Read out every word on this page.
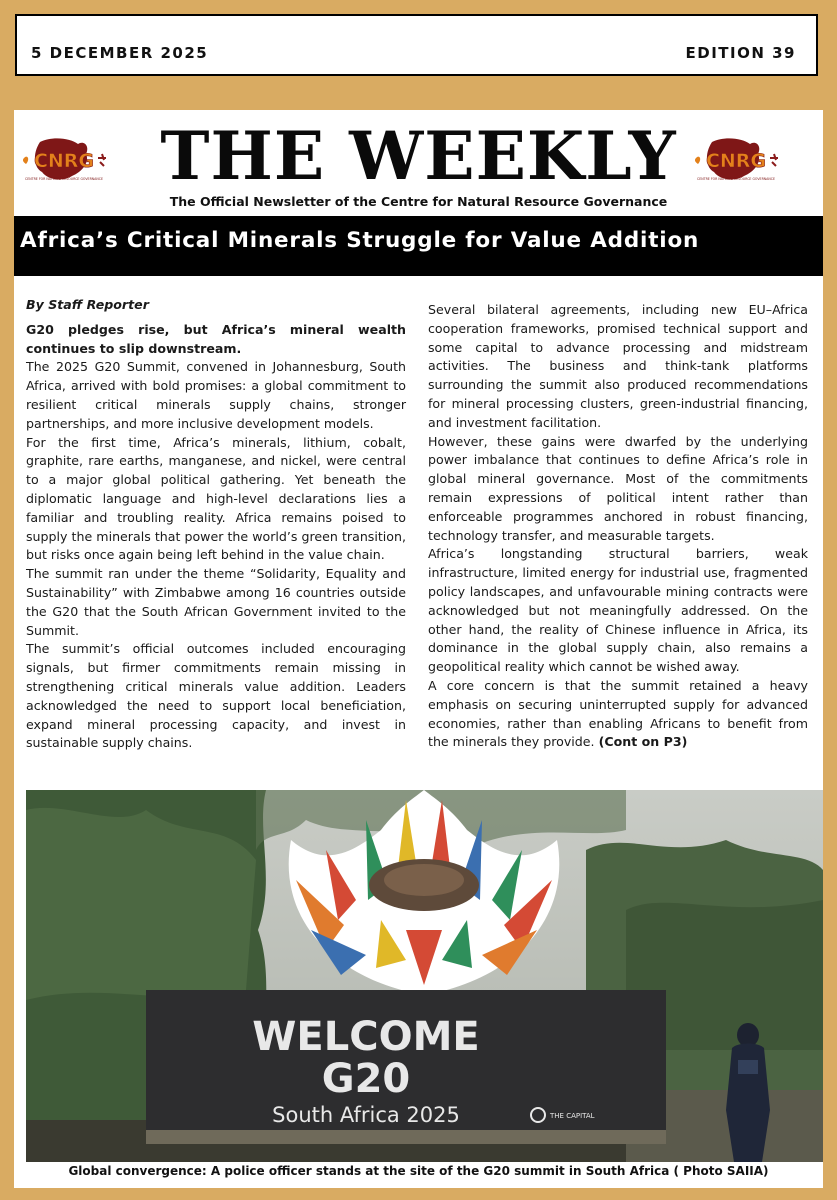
5 DECEMBER 2025	EDITION 39
CNRG
CENTRE FOR NATURAL RESOURCE GOVERNANCE
CNRG
CENTRE FOR NATURAL RESOURCE GOVERNANCE
THE WEEKLY
The Official Newsletter of the Centre for Natural Resource Governance
Africa’s Critical Minerals Struggle for Value Addition

By Staff Reporter

G20 pledges rise, but Africa’s mineral wealth continues to slip downstream.

The 2025 G20 Summit, convened in Johannesburg, South Africa, arrived with bold promises: a global commitment to resilient critical minerals supply chains, stronger partnerships, and more inclusive development models.

For the first time, Africa’s minerals, lithium, cobalt, graphite, rare earths, manganese, and nickel, were central to a major global political gathering. Yet beneath the diplomatic language and high-level declarations lies a familiar and troubling reality. Africa remains poised to supply the minerals that power the world’s green transition, but risks once again being left behind in the value chain.

The summit ran under the theme “Solidarity, Equality and Sustainability” with Zimbabwe among 16 countries outside the G20 that the South African Government invited to the Summit.

The summit’s official outcomes included encouraging signals, but firmer commitments remain missing in strengthening critical minerals value addition. Leaders acknowledged the need to support local beneficiation, expand mineral processing capacity, and invest in sustainable supply chains.

Several bilateral agreements, including new EU–Africa cooperation frameworks, promised technical support and some capital to advance processing and midstream activities. The business and think-tank platforms surrounding the summit also produced recommendations for mineral processing clusters, green-industrial financing, and investment facilitation.

However, these gains were dwarfed by the underlying power imbalance that continues to define Africa’s role in global mineral governance. Most of the commitments remain expressions of political intent rather than enforceable programmes anchored in robust financing, technology transfer, and measurable targets.

Africa’s longstanding structural barriers, weak infrastructure, limited energy for industrial use, fragmented policy landscapes, and unfavourable mining contracts were acknowledged but not meaningfully addressed. On the other hand, the reality of Chinese influence in Africa, its dominance in the global supply chain, also remains a geopolitical reality which cannot be wished away.

A core concern is that the summit retained a heavy emphasis on securing uninterrupted supply for advanced economies, rather than enabling Africans to benefit from the minerals they provide. (Cont on P3)

WELCOME
G20
South Africa 2025	THE CAPITAL
Global convergence: A police officer stands at the site of the G20 summit in South Africa ( Photo SAIIA)
